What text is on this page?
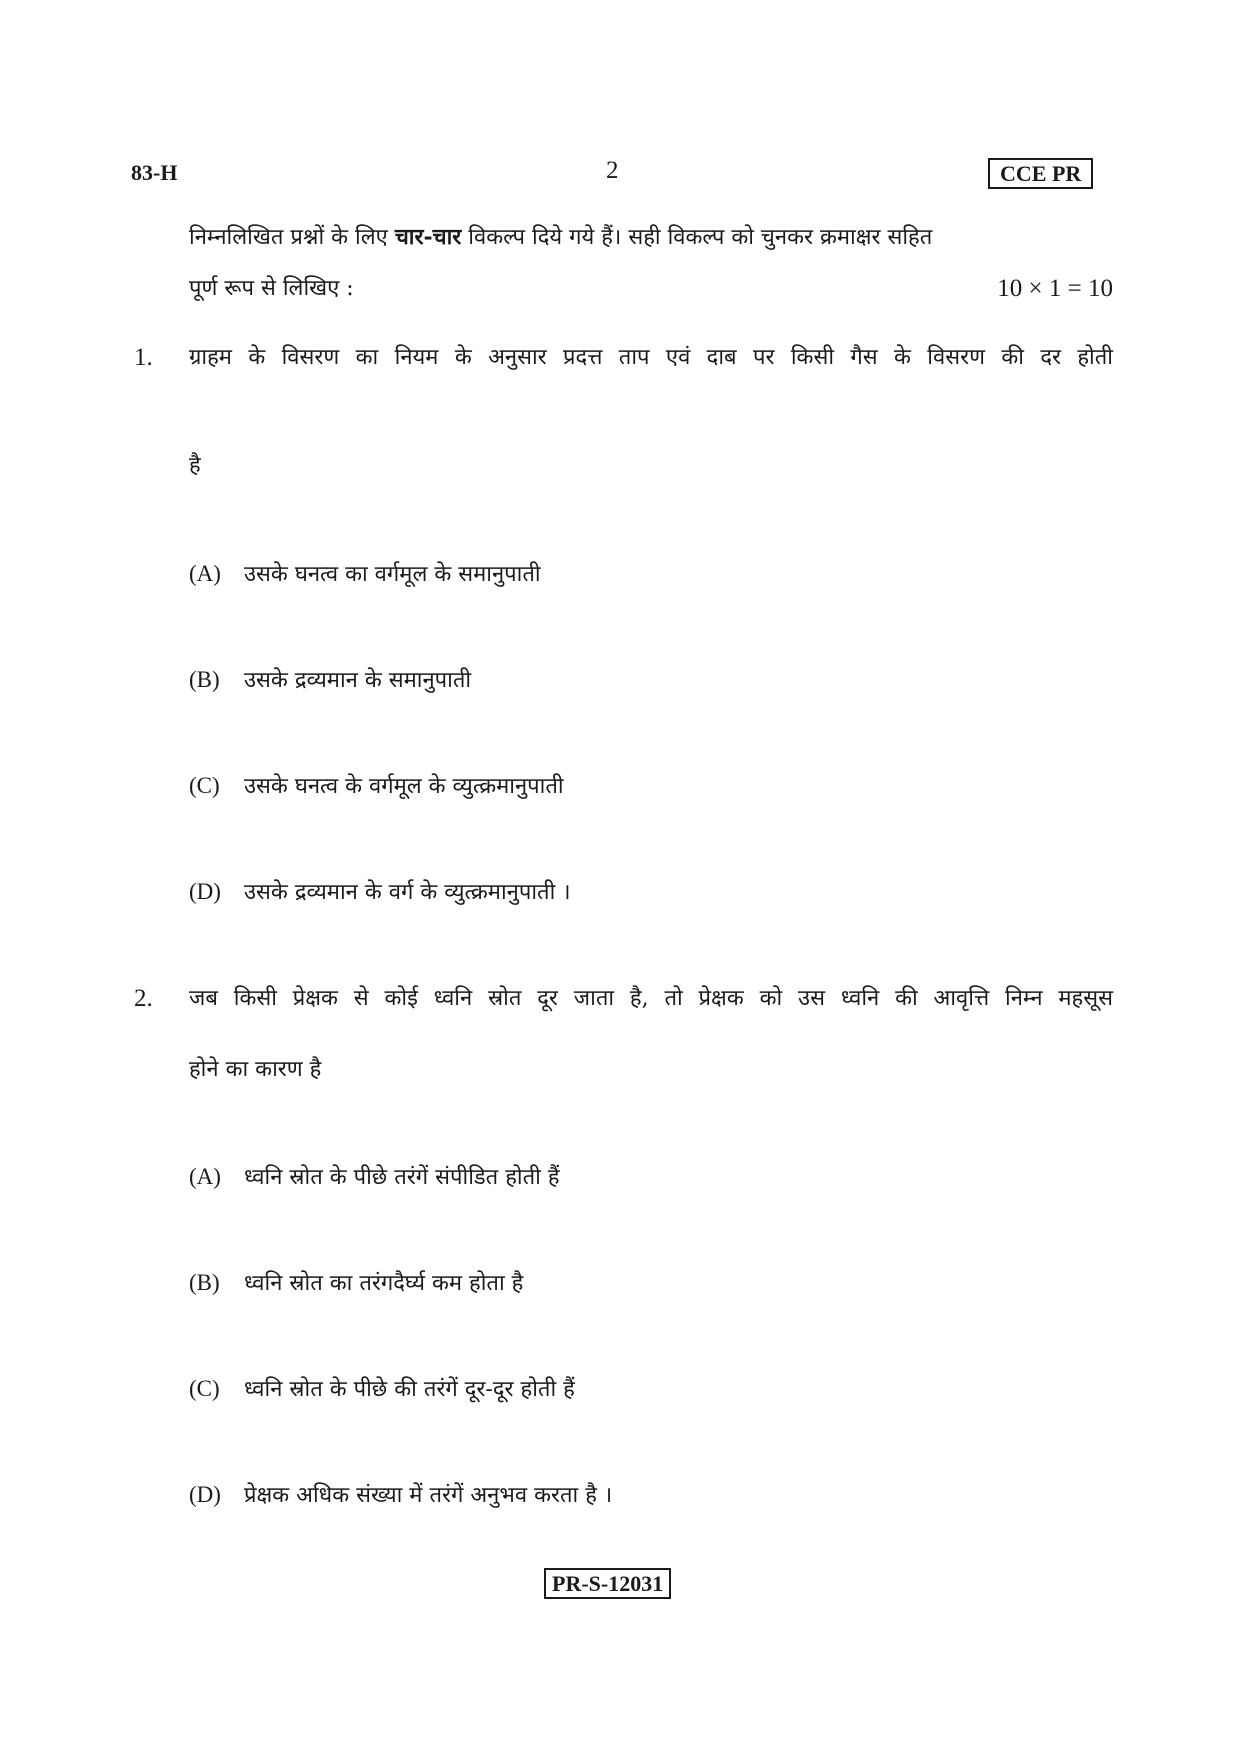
83-H	2	CCE PR
निम्नलिखित प्रश्नों के लिए चार-चार विकल्प दिये गये हैं। सही विकल्प को चुनकर क्रमाक्षर सहित
पूर्ण रूप से लिखिए :	10 × 1 = 10
1. ग्राहम के विसरण का नियम के अनुसार प्रदत्त ताप एवं दाब पर किसी गैस के विसरण की दर होती
है
(A) उसके घनत्व का वर्गमूल के समानुपाती
(B) उसके द्रव्यमान के समानुपाती
(C) उसके घनत्व के वर्गमूल के व्युत्क्रमानुपाती
(D) उसके द्रव्यमान के वर्ग के व्युत्क्रमानुपाती ।
2. जब किसी प्रेक्षक से कोई ध्वनि स्रोत दूर जाता है, तो प्रेक्षक को उस ध्वनि की आवृत्ति निम्न महसूस
होने का कारण है
(A) ध्वनि स्रोत के पीछे तरंगें संपीडित होती हैं
(B) ध्वनि स्रोत का तरंगदैर्घ्य कम होता है
(C) ध्वनि स्रोत के पीछे की तरंगें दूर-दूर होती हैं
(D) प्रेक्षक अधिक संख्या में तरंगें अनुभव करता है ।
PR-S-12031
